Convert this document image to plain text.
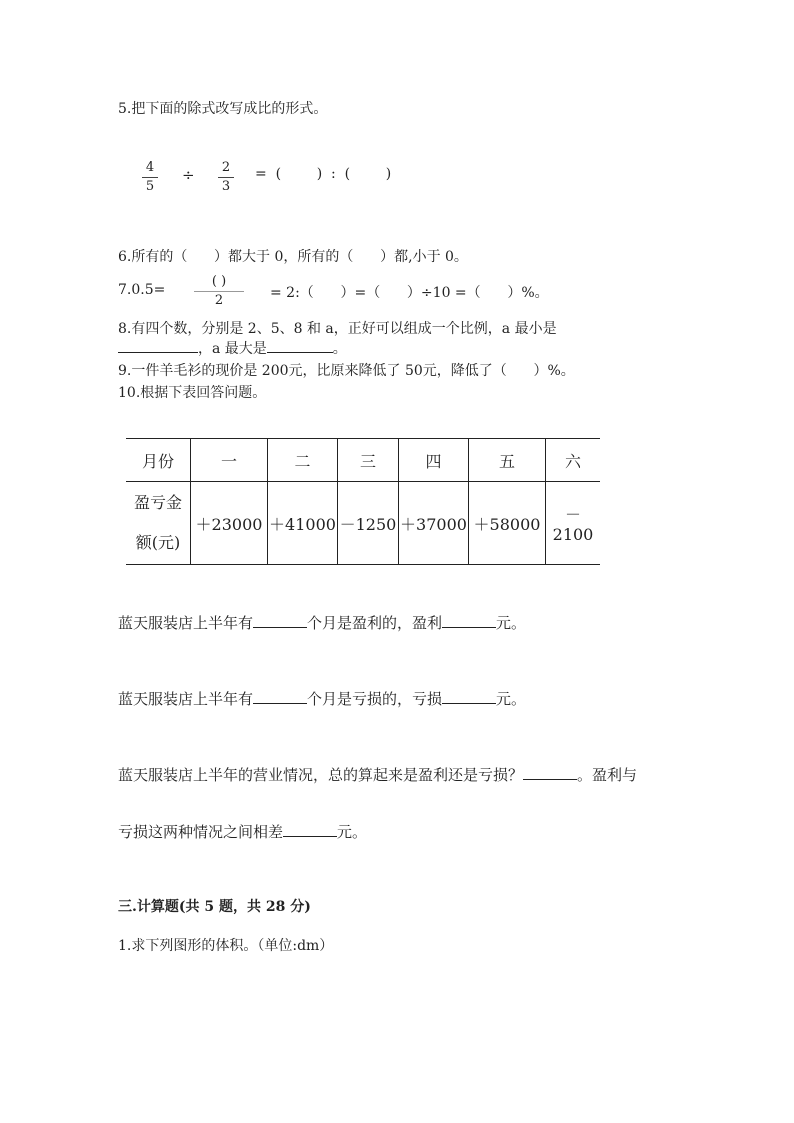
5.把下面的除式改写成比的形式。
4
5
÷ 2
3
=  (        )  :  (        )
6.所有的（      ）都大于 0，所有的（      ）都,小于 0。
7.0.5=
( )
2	= 2:（      ）=（      ）÷10 =（      ）%。
8.有四个数，分别是 2、5、8 和 a，正好可以组成一个比例，a 最小是
，a 最大是	。
9.一件羊毛衫的现价是 200元，比原来降低了 50元，降低了（      ）%。
10.根据下表回答问题。
月份	一	二	三	四	五	六

盈亏金
额(元)	＋23000	＋41000	－1250	＋37000	＋58000	－2100
蓝天服装店上半年有	个月是盈利的，盈利	元。
蓝天服装店上半年有	个月是亏损的，亏损	元。
蓝天服装店上半年的营业情况，总的算起来是盈利还是亏损？	。盈利与
亏损这两种情况之间相差	元。
三.计算题(共 5 题，共 28 分)
1.求下列图形的体积。（单位:dm）
